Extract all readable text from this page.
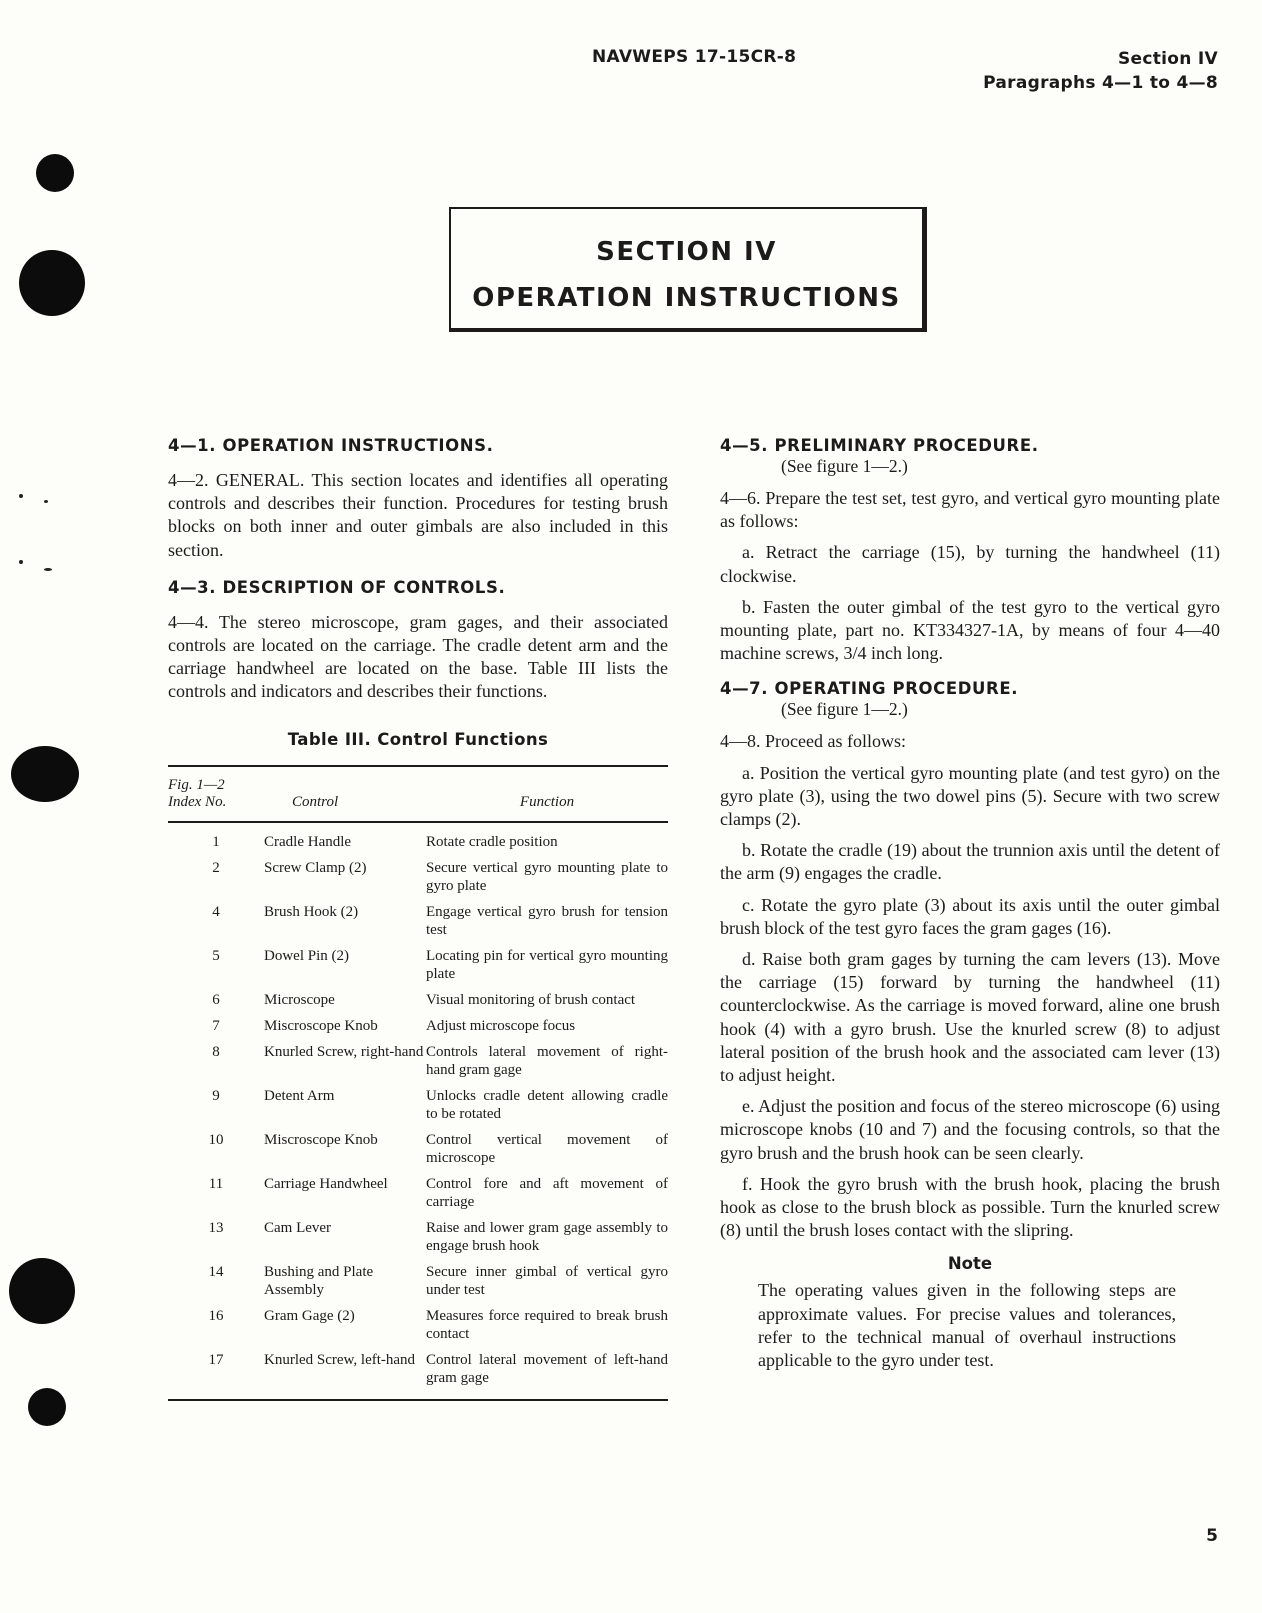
NAVWEPS 17-15CR-8	Section IV
Paragraphs 4—1 to 4—8
SECTION IV
OPERATION INSTRUCTIONS
4—1. OPERATION INSTRUCTIONS.

4—2. GENERAL. This section locates and identifies all operating controls and describes their function. Procedures for testing brush blocks on both inner and outer gimbals are also included in this section.

4—3. DESCRIPTION OF CONTROLS.

4—4. The stereo microscope, gram gages, and their associated controls are located on the carriage. The cradle detent arm and the carriage handwheel are located on the base. Table III lists the controls and indicators and describes their functions.

Table III. Control Functions
Fig. 1—2
Index No.	Control	Function
1	Cradle Handle	Rotate cradle position
2	Screw Clamp (2)	Secure vertical gyro mounting plate to gyro plate
4	Brush Hook (2)	Engage vertical gyro brush for tension test
5	Dowel Pin (2)	Locating pin for vertical gyro mounting plate
6	Microscope	Visual monitoring of brush contact
7	Miscroscope Knob	Adjust microscope focus
8	Knurled Screw, right-hand	Controls lateral movement of right-hand gram gage
9	Detent Arm	Unlocks cradle detent allowing cradle to be rotated
10	Miscroscope Knob	Control vertical movement of microscope
11	Carriage Handwheel	Control fore and aft movement of carriage
13	Cam Lever	Raise and lower gram gage assembly to engage brush hook
14	Bushing and Plate Assembly	Secure inner gimbal of vertical gyro under test
16	Gram Gage (2)	Measures force required to break brush contact
17	Knurled Screw, left-hand	Control lateral movement of left-hand gram gage
4—5. PRELIMINARY PROCEDURE.
(See figure 1—2.)

4—6. Prepare the test set, test gyro, and vertical gyro mounting plate as follows:

a. Retract the carriage (15), by turning the handwheel (11) clockwise.

b. Fasten the outer gimbal of the test gyro to the vertical gyro mounting plate, part no. KT334327-1A, by means of four 4—40 machine screws, 3/4 inch long.

4—7. OPERATING PROCEDURE.
(See figure 1—2.)

4—8. Proceed as follows:

a. Position the vertical gyro mounting plate (and test gyro) on the gyro plate (3), using the two dowel pins (5). Secure with two screw clamps (2).

b. Rotate the cradle (19) about the trunnion axis until the detent of the arm (9) engages the cradle.

c. Rotate the gyro plate (3) about its axis until the outer gimbal brush block of the test gyro faces the gram gages (16).

d. Raise both gram gages by turning the cam levers (13). Move the carriage (15) forward by turning the handwheel (11) counterclockwise. As the carriage is moved forward, aline one brush hook (4) with a gyro brush. Use the knurled screw (8) to adjust lateral position of the brush hook and the associated cam lever (13) to adjust height.

e. Adjust the position and focus of the stereo microscope (6) using microscope knobs (10 and 7) and the focusing controls, so that the gyro brush and the brush hook can be seen clearly.

f. Hook the gyro brush with the brush hook, placing the brush hook as close to the brush block as possible. Turn the knurled screw (8) until the brush loses contact with the slipring.

Note

The operating values given in the following steps are approximate values. For precise values and tolerances, refer to the technical manual of overhaul instructions applicable to the gyro under test.

5
